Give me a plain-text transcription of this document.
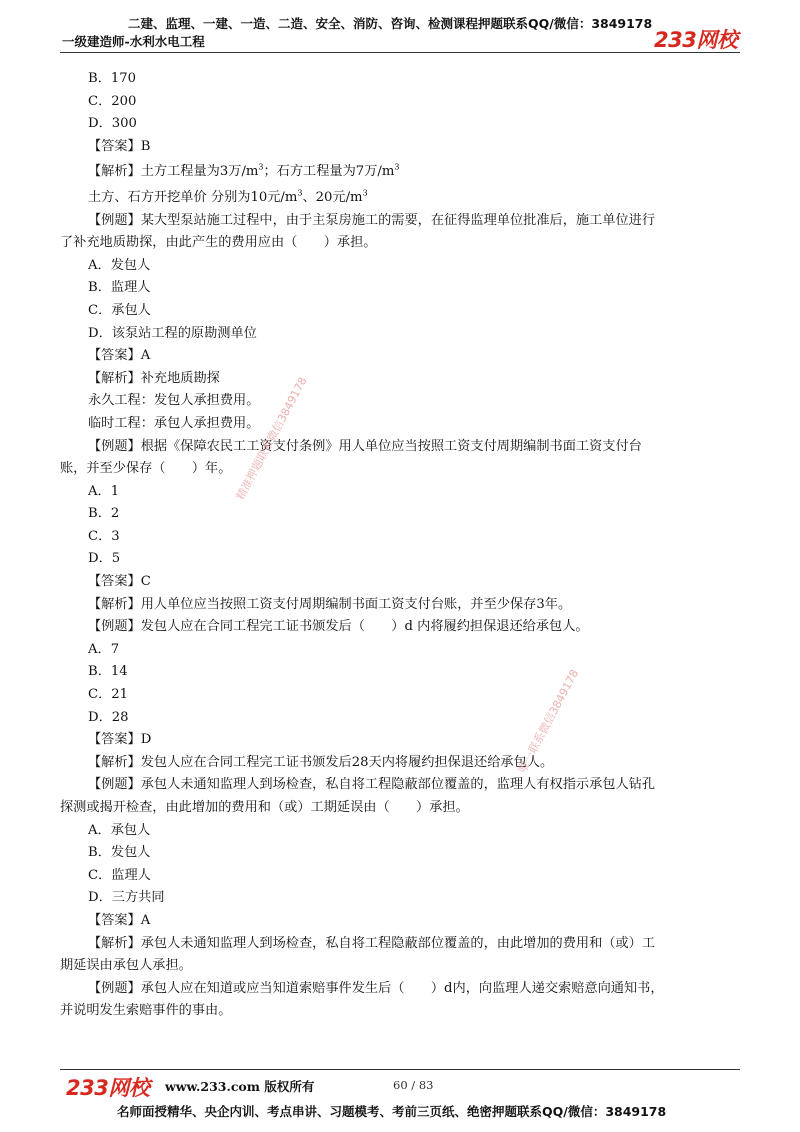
二建、监理、一建、一造、二造、安全、消防、咨询、检测课程押题联系QQ/微信：3849178
一级建造师-水利水电工程	233网校
B．170
C．200
D．300
【答案】B
【解析】土方工程量为3万$/m^3$；石方工程量为7万$/m^3$
土方、石方开挖单价 分别为10元$/m^3$、20元$/m^3$
【例题】某大型泵站施工过程中，由于主泵房施工的需要，在征得监理单位批准后，施工单位进行
了补充地质勘探，由此产生的费用应由（　　）承担。
A．发包人
B．监理人
C．承包人
D．该泵站工程的原勘测单位
【答案】A
【解析】补充地质勘探
永久工程：发包人承担费用。
临时工程：承包人承担费用。
【例题】根据《保障农民工工资支付条例》用人单位应当按照工资支付周期编制书面工资支付台
账，并至少保存（　　）年。
A．1
B．2
C．3
D．5
【答案】C
【解析】用人单位应当按照工资支付周期编制书面工资支付台账，并至少保存3年。
【例题】发包人应在合同工程完工证书颁发后（　　）d 内将履约担保退还给承包人。
A．7
B．14
C．21
D．28
【答案】D
【解析】发包人应在合同工程完工证书颁发后28天内将履约担保退还给承包人。
【例题】承包人未通知监理人到场检查，私自将工程隐蔽部位覆盖的，监理人有权指示承包人钻孔
探测或揭开检查，由此增加的费用和（或）工期延误由（　　）承担。
A．承包人
B．发包人
C．监理人
D．三方共同
【答案】A
【解析】承包人未通知监理人到场检查，私自将工程隐蔽部位覆盖的，由此增加的费用和（或）工
期延误由承包人承担。
【例题】承包人应在知道或应当知道索赔事件发生后（　　）d内，向监理人递交索赔意向通知书，
并说明发生索赔事件的事由。
精准押题联系微信3849178
唯一联系微信3849178
233网校 www.233.com 版权所有	60 / 83
名师面授精华、央企内训、考点串讲、习题模考、考前三页纸、绝密押题联系QQ/微信：3849178
